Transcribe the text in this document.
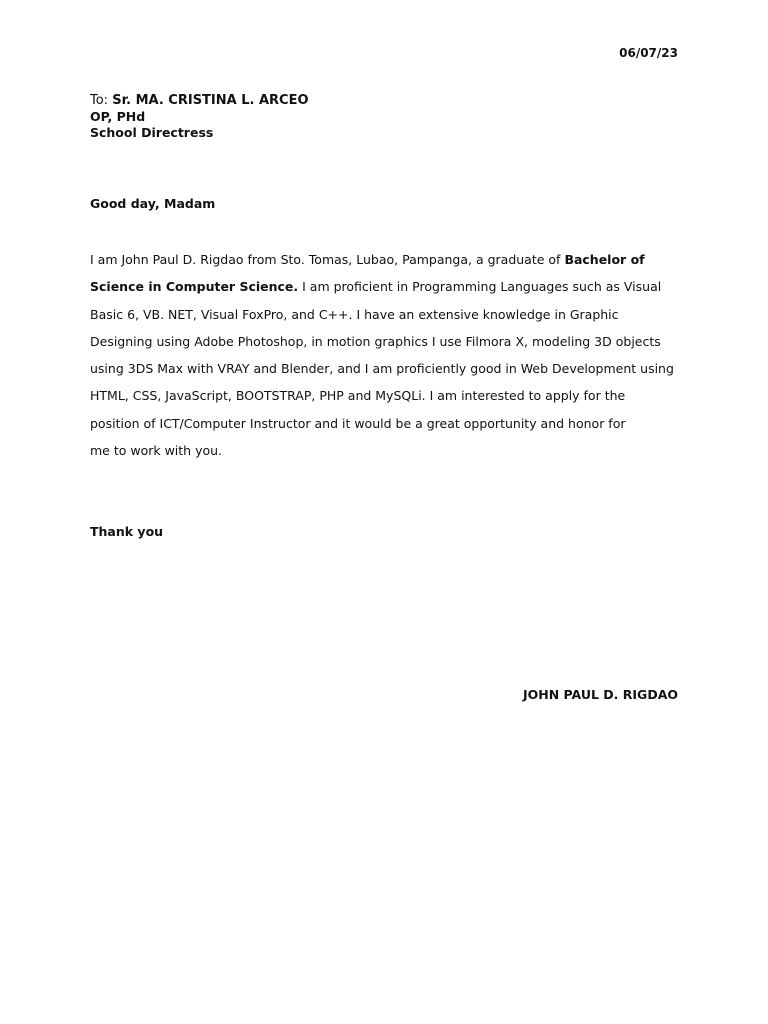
06/07/23
To: Sr. MA. CRISTINA L. ARCEO
OP, PHd
School Directress
Good day, Madam
I am John Paul D. Rigdao from Sto. Tomas, Lubao, Pampanga, a graduate of Bachelor of
Science in Computer Science. I am proficient in Programming Languages such as Visual
Basic 6, VB. NET, Visual FoxPro, and C++. I have an extensive knowledge in Graphic
Designing using Adobe Photoshop, in motion graphics I use Filmora X, modeling 3D objects
using 3DS Max with VRAY and Blender, and I am proficiently good in Web Development using
HTML, CSS, JavaScript, BOOTSTRAP, PHP and MySQLi. I am interested to apply for the
position of ICT/Computer Instructor and it would be a great opportunity and honor for
me to work with you.
Thank you
JOHN PAUL D. RIGDAO
